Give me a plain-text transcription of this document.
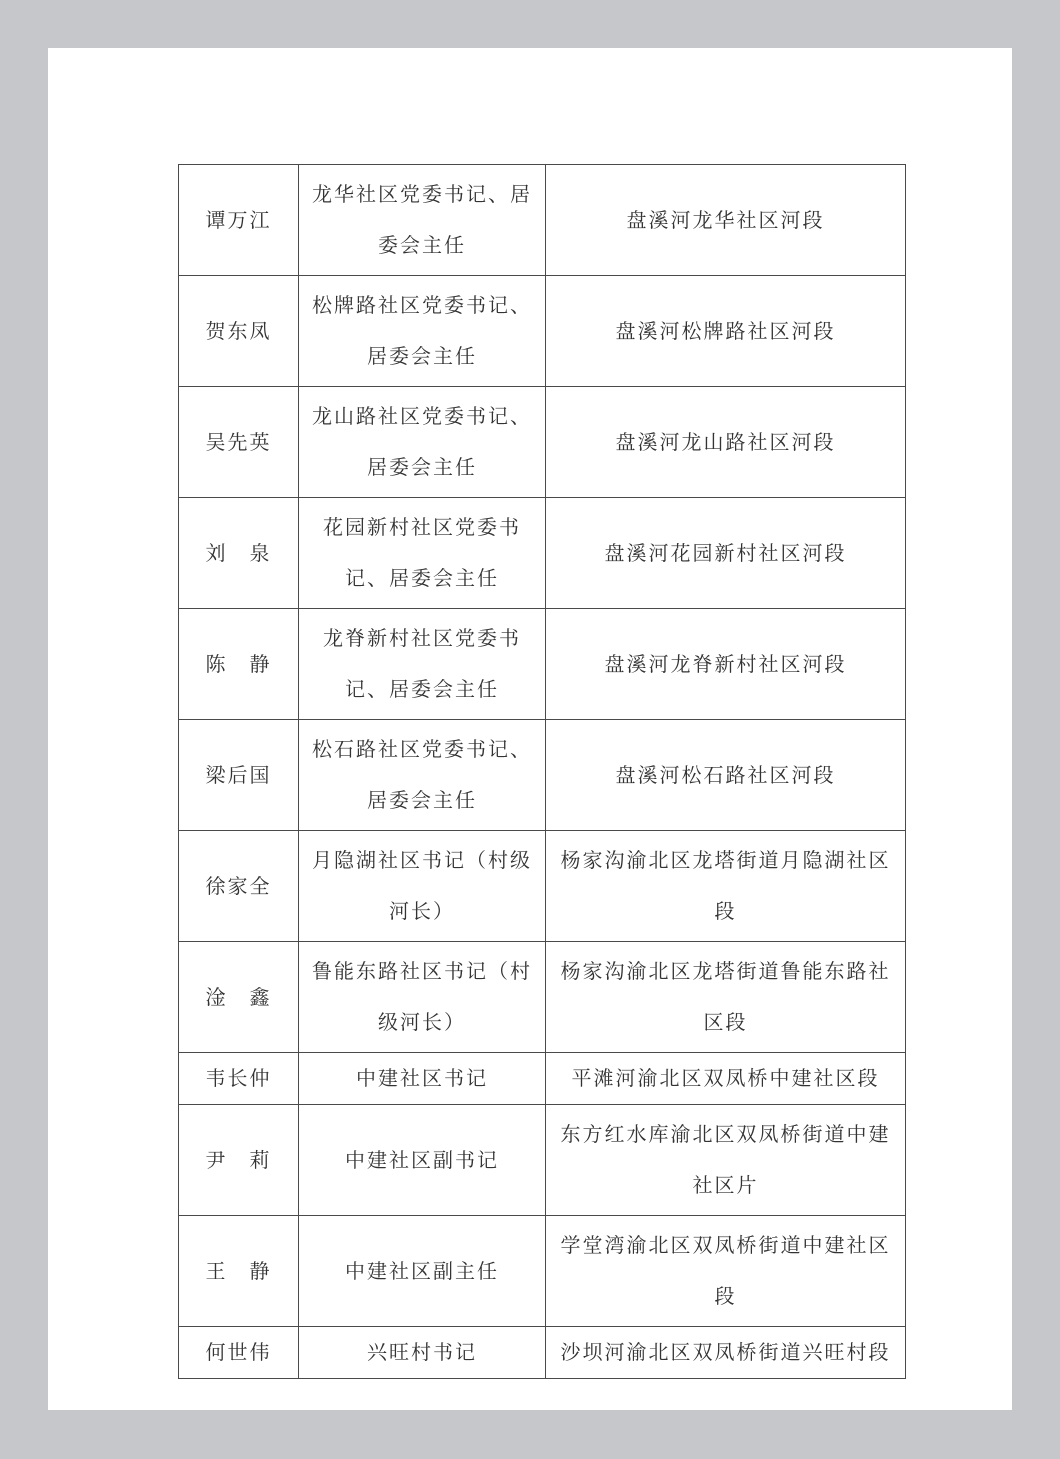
谭万江	龙华社区党委书记、居委会主任	盘溪河龙华社区河段
贺东凤	松牌路社区党委书记、居委会主任	盘溪河松牌路社区河段
吴先英	龙山路社区党委书记、居委会主任	盘溪河龙山路社区河段
刘　泉	花园新村社区党委书记、居委会主任	盘溪河花园新村社区河段
陈　静	龙脊新村社区党委书记、居委会主任	盘溪河龙脊新村社区河段
梁后国	松石路社区党委书记、居委会主任	盘溪河松石路社区河段
徐家全	月隐湖社区书记（村级河长）	杨家沟渝北区龙塔街道月隐湖社区段
淦　鑫	鲁能东路社区书记（村级河长）	杨家沟渝北区龙塔街道鲁能东路社区段
韦长仲	中建社区书记	平滩河渝北区双凤桥中建社区段
尹　莉	中建社区副书记	东方红水库渝北区双凤桥街道中建社区片
王　静	中建社区副主任	学堂湾渝北区双凤桥街道中建社区段
何世伟	兴旺村书记	沙坝河渝北区双凤桥街道兴旺村段
